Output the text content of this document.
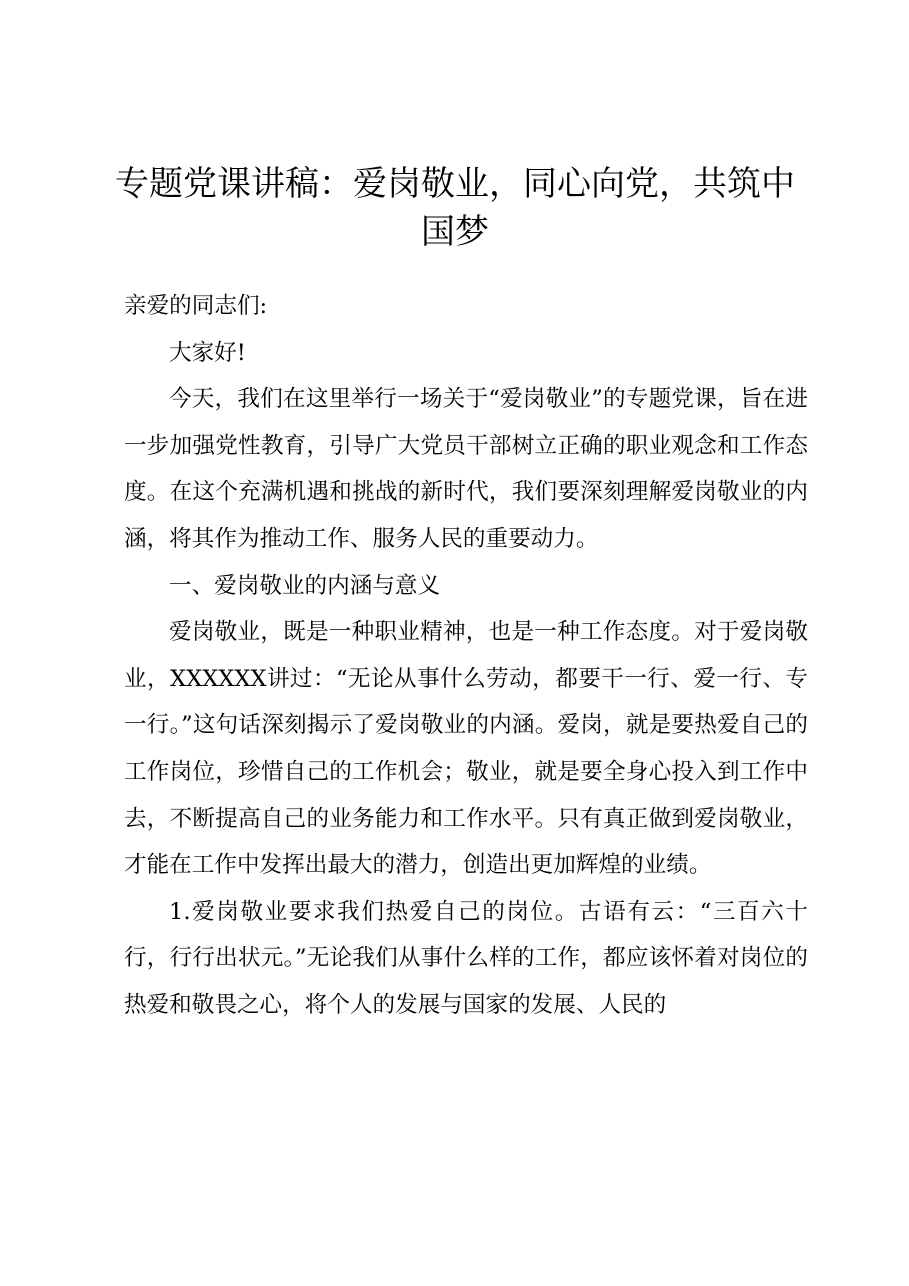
专题党课讲稿：爱岗敬业，同心向党，共筑中国梦

亲爱的同志们:

大家好!

今天，我们在这里举行一场关于“爱岗敬业”的专题党课，旨在进一步加强党性教育，引导广大党员干部树立正确的职业观念和工作态度。在这个充满机遇和挑战的新时代，我们要深刻理解爱岗敬业的内涵，将其作为推动工作、服务人民的重要动力。

一、爱岗敬业的内涵与意义

爱岗敬业，既是一种职业精神，也是一种工作态度。对于爱岗敬业，XXXXXX讲过：“无论从事什么劳动，都要干一行、爱一行、专一行。”这句话深刻揭示了爱岗敬业的内涵。爱岗，就是要热爱自己的工作岗位，珍惜自己的工作机会；敬业，就是要全身心投入到工作中去，不断提高自己的业务能力和工作水平。只有真正做到爱岗敬业，才能在工作中发挥出最大的潜力，创造出更加辉煌的业绩。

1.爱岗敬业要求我们热爱自己的岗位。古语有云：“三百六十行，行行出状元。”无论我们从事什么样的工作，都应该怀着对岗位的热爱和敬畏之心，将个人的发展与国家的发展、人民的
